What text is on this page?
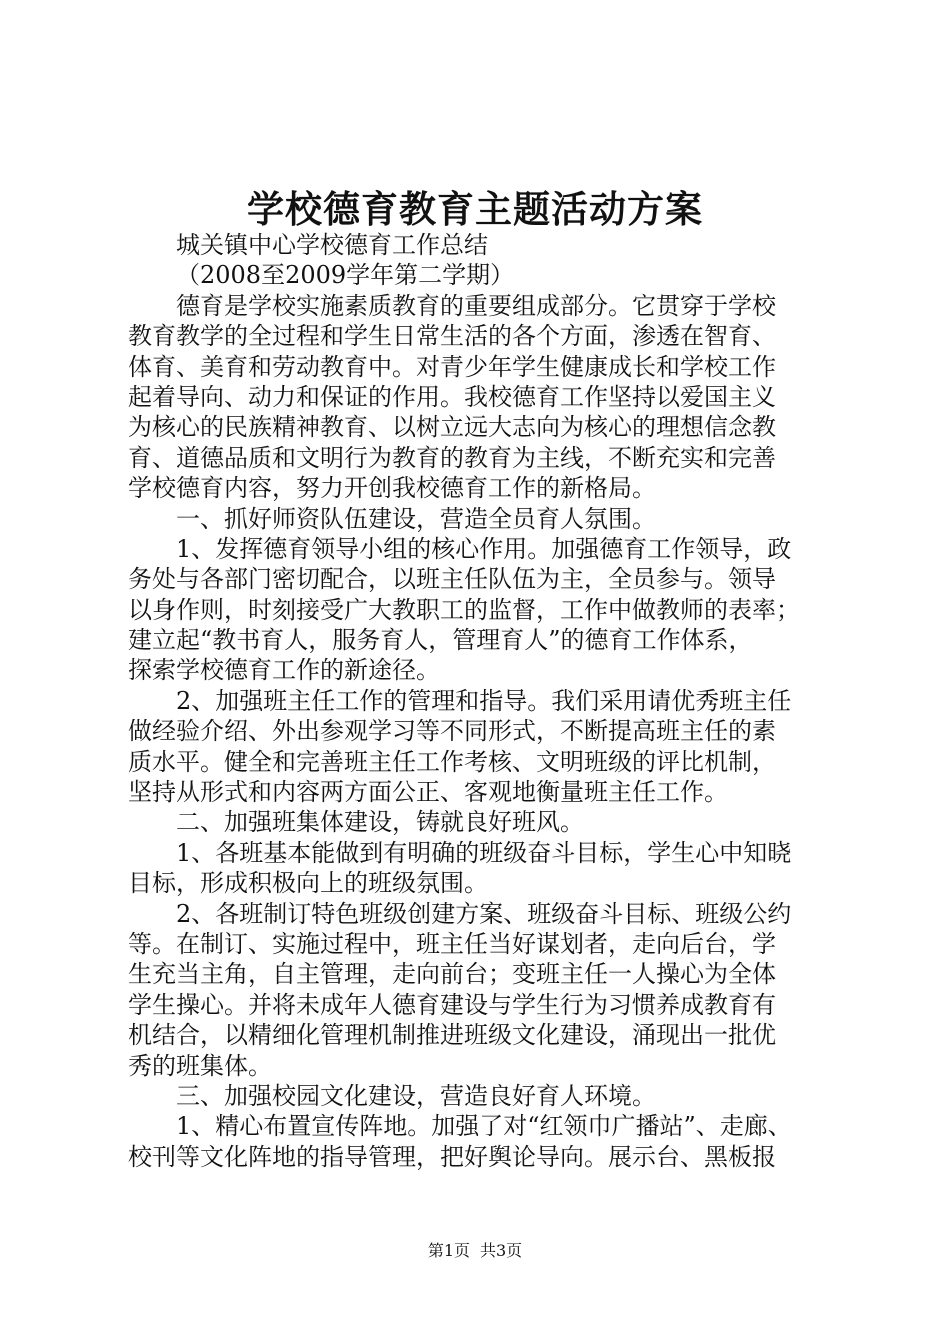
学校德育教育主题活动方案
城关镇中心学校德育工作总结
（2008至2009学年第二学期）
德育是学校实施素质教育的重要组成部分。它贯穿于学校
教育教学的全过程和学生日常生活的各个方面，渗透在智育、
体育、美育和劳动教育中。对青少年学生健康成长和学校工作
起着导向、动力和保证的作用。我校德育工作坚持以爱国主义
为核心的民族精神教育、以树立远大志向为核心的理想信念教
育、道德品质和文明行为教育的教育为主线，不断充实和完善
学校德育内容，努力开创我校德育工作的新格局。
一、抓好师资队伍建设，营造全员育人氛围。
1、发挥德育领导小组的核心作用。加强德育工作领导，政
务处与各部门密切配合，以班主任队伍为主，全员参与。领导
以身作则，时刻接受广大教职工的监督，工作中做教师的表率；
建立起“教书育人，服务育人，管理育人”的德育工作体系，
探索学校德育工作的新途径。
2、加强班主任工作的管理和指导。我们采用请优秀班主任
做经验介绍、外出参观学习等不同形式，不断提高班主任的素
质水平。健全和完善班主任工作考核、文明班级的评比机制，
坚持从形式和内容两方面公正、客观地衡量班主任工作。
二、加强班集体建设，铸就良好班风。
1、各班基本能做到有明确的班级奋斗目标，学生心中知晓
目标，形成积极向上的班级氛围。
2、各班制订特色班级创建方案、班级奋斗目标、班级公约
等。在制订、实施过程中，班主任当好谋划者，走向后台，学
生充当主角，自主管理，走向前台；变班主任一人操心为全体
学生操心。并将未成年人德育建设与学生行为习惯养成教育有
机结合，以精细化管理机制推进班级文化建设，涌现出一批优
秀的班集体。
三、加强校园文化建设，营造良好育人环境。
1、精心布置宣传阵地。加强了对“红领巾广播站”、走廊、
校刊等文化阵地的指导管理，把好舆论导向。展示台、黑板报
第1页 共3页
